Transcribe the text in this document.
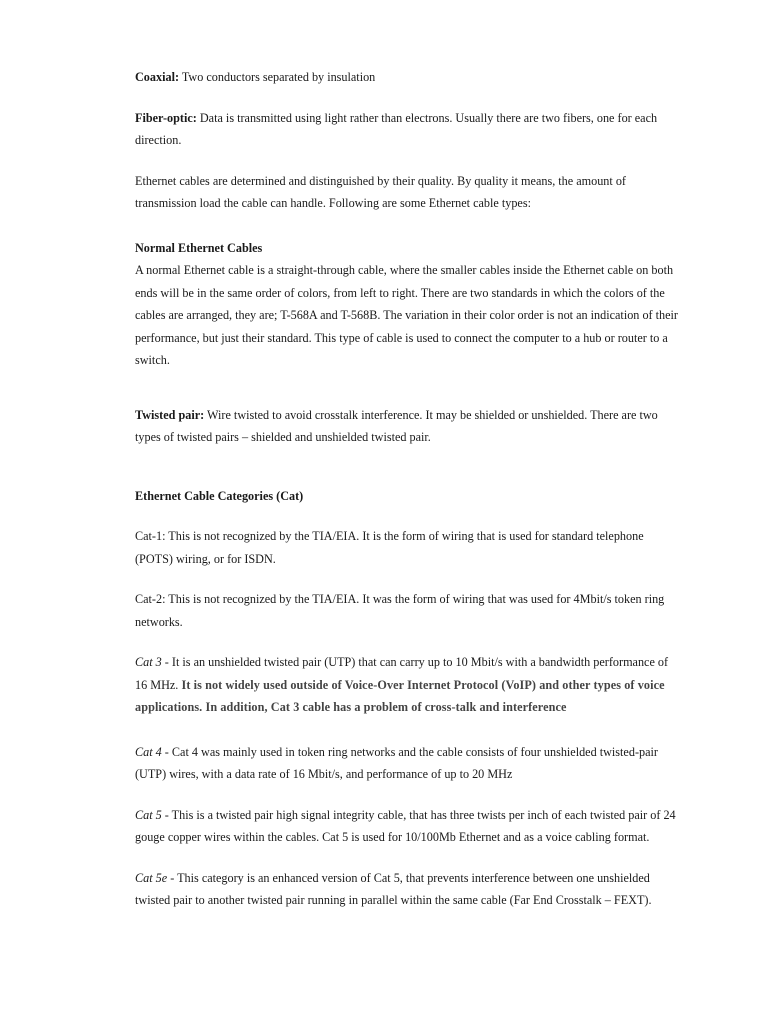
Coaxial: Two conductors separated by insulation

Fiber-optic: Data is transmitted using light rather than electrons. Usually there are two fibers, one for each direction.

Ethernet cables are determined and distinguished by their quality. By quality it means, the amount of transmission load the cable can handle. Following are some Ethernet cable types:

Normal Ethernet Cables

A normal Ethernet cable is a straight-through cable, where the smaller cables inside the Ethernet cable on both ends will be in the same order of colors, from left to right. There are two standards in which the colors of the cables are arranged, they are; T-568A and T-568B. The variation in their color order is not an indication of their performance, but just their standard. This type of cable is used to connect the computer to a hub or router to a switch.

Twisted pair: Wire twisted to avoid crosstalk interference. It may be shielded or unshielded. There are two types of twisted pairs – shielded and unshielded twisted pair.

Ethernet Cable Categories (Cat)

Cat-1: This is not recognized by the TIA/EIA. It is the form of wiring that is used for standard telephone (POTS) wiring, or for ISDN.

Cat-2: This is not recognized by the TIA/EIA. It was the form of wiring that was used for 4Mbit/s token ring networks.

Cat 3 - It is an unshielded twisted pair (UTP) that can carry up to 10 Mbit/s with a bandwidth performance of 16 MHz. It is not widely used outside of Voice-Over Internet Protocol (VoIP) and other types of voice applications. In addition, Cat 3 cable has a problem of cross-talk and interference

Cat 4 - Cat 4 was mainly used in token ring networks and the cable consists of four unshielded twisted-pair (UTP) wires, with a data rate of 16 Mbit/s, and performance of up to 20 MHz

Cat 5 - This is a twisted pair high signal integrity cable, that has three twists per inch of each twisted pair of 24 gouge copper wires within the cables. Cat 5 is used for 10/100Mb Ethernet and as a voice cabling format.

Cat 5e - This category is an enhanced version of Cat 5, that prevents interference between one unshielded twisted pair to another twisted pair running in parallel within the same cable (Far End Crosstalk – FEXT).
